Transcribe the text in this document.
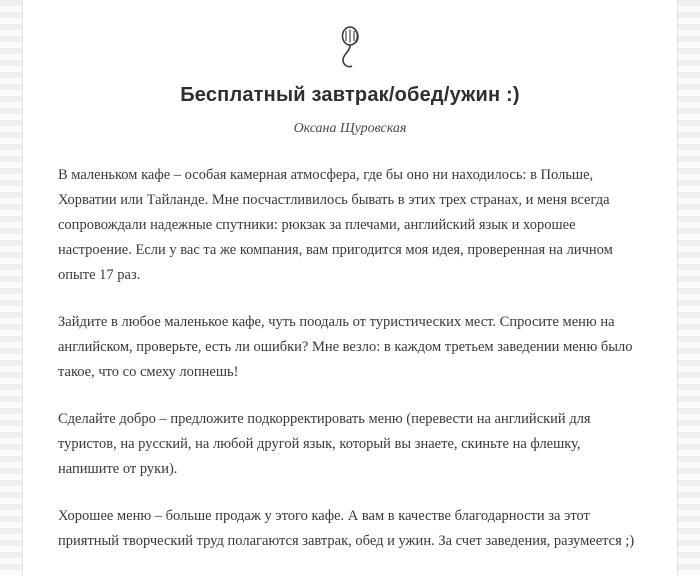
Бесплатный завтрак/обед/ужин :)
Оксана Щуровская

В маленьком кафе – особая камерная атмосфера, где бы оно ни находилось: в Польше, Хорватии или Тайланде. Мне посчастливилось бывать в этих трех странах, и меня всегда сопровождали надежные спутники: рюкзак за плечами, английский язык и хорошее настроение. Если у вас та же компания, вам пригодится моя идея, проверенная на личном опыте 17 раз.

Зайдите в любое маленькое кафе, чуть поодаль от туристических мест. Спросите меню на английском, проверьте, есть ли ошибки? Мне везло: в каждом третьем заведении меню было такое, что со смеху лопнешь!

Сделайте добро – предложите подкорректировать меню (перевести на английский для туристов, на русский, на любой другой язык, который вы знаете, скиньте на флешку, напишите от руки).

Хорошее меню – больше продаж у этого кафе. А вам в качестве благодарности за этот приятный творческий труд полагаются завтрак, обед и ужин. За счет заведения, разумеется ;)
